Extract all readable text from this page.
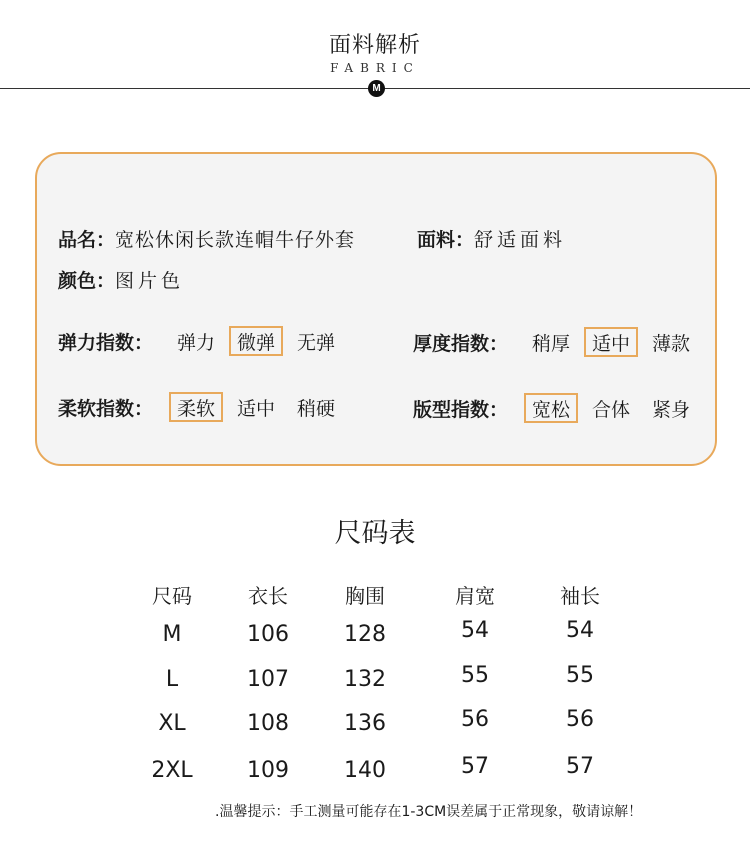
面料解析
FABRIC
M
品名： 宽松休闲长款连帽牛仔外套	面料： 舒适面料
颜色： 图片色
弹力指数：	弹力	微弹	无弹	厚度指数：	稍厚	适中	薄款
柔软指数：	柔软	适中	稍硬	版型指数：	宽松	合体	紧身
尺码表
尺码	衣长	胸围	肩宽	袖长
M	106	128	54	54
L	107	132	55	55
XL	108	136	56	56
2XL	109	140	57	57
.温馨提示：手工测量可能存在1-3CM误差属于正常现象，敬请谅解！
